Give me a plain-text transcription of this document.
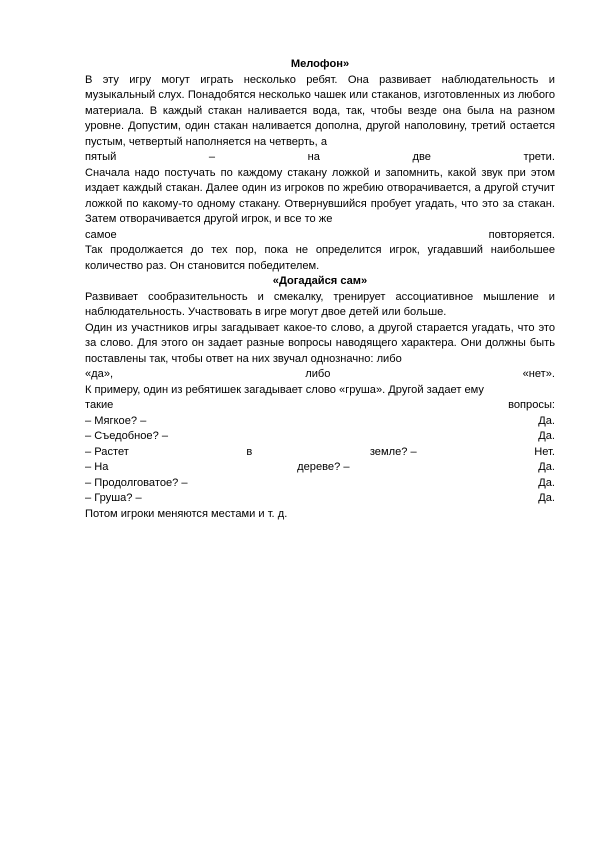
Мелофон»

В эту игру могут играть несколько ребят. Она развивает наблюдательность и музыкальный слух. Понадобятся несколько чашек или стаканов, изготовленных из любого материала. В каждый стакан наливается вода, так, чтобы везде она была на разном уровне. Допустим, один стакан наливается дополна, другой наполовину, третий остается пустым, четвертый наполняется на четверть, а

пятый	–	на	две	трети.

Сначала надо постучать по каждому стакану ложкой и запомнить, какой звук при этом издает каждый стакан. Далее один из игроков по жребию отворачивается, а другой стучит ложкой по какому-то одному стакану. Отвернувшийся пробует угадать, что это за стакан. Затем отворачивается другой игрок, и все то же

самое	повторяется.

Так продолжается до тех пор, пока не определится игрок, угадавший наибольшее количество раз. Он становится победителем.

«Догадайся сам»

Развивает сообразительность и смекалку, тренирует ассоциативное мышление и наблюдательность. Участвовать в игре могут двое детей или больше.

Один из участников игры загадывает какое-то слово, а другой старается угадать, что это за слово. Для этого он задает разные вопросы наводящего характера. Они должны быть поставлены так, чтобы ответ на них звучал однозначно: либо

«да»,	либо	«нет».

К примеру, один из ребятишек загадывает слово «груша». Другой задает ему

такие	вопросы:
– Мягкое? –	Да.
– Съедобное? –	Да.
– Растет	в	земле? –	Нет.
– На	дереве? –	Да.
– Продолговатое? –	Да.
– Груша? –	Да.

Потом игроки меняются местами и т. д.
